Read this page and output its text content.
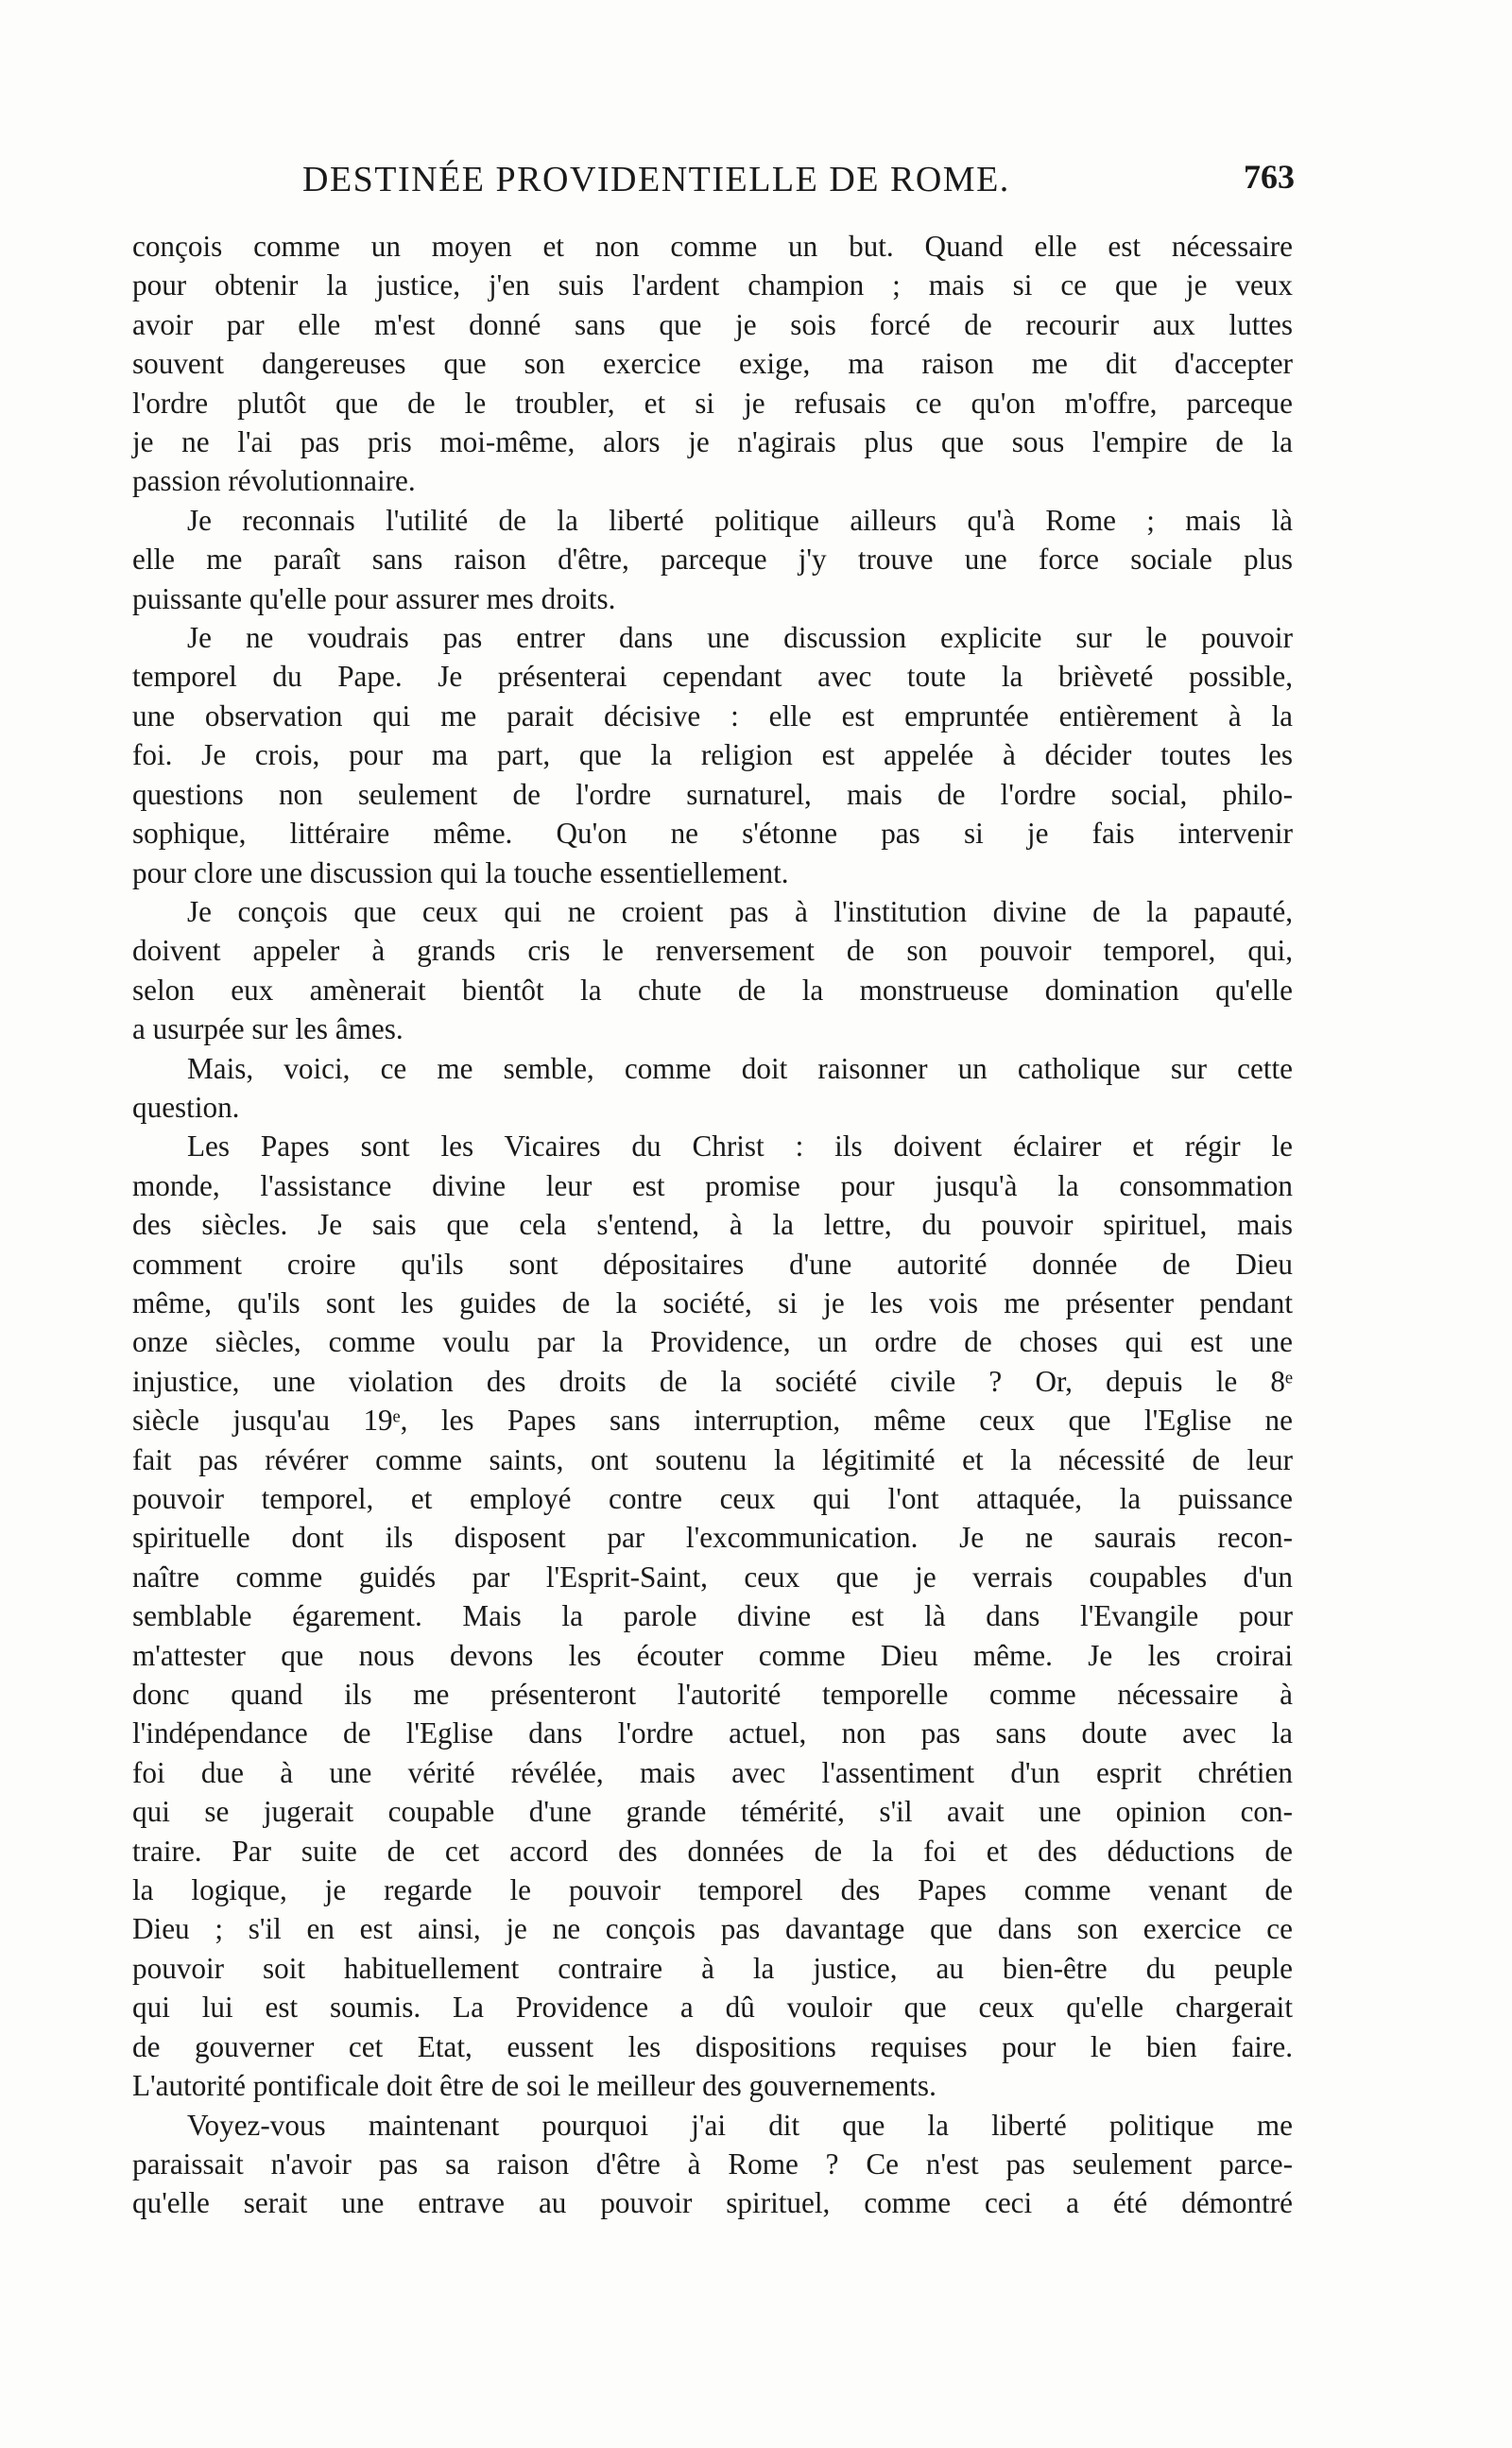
DESTINÉE PROVIDENTIELLE DE ROME.	763
conçois comme un moyen et non comme un but. Quand elle est nécessaire
pour obtenir la justice, j'en suis l'ardent champion ; mais si ce que je veux
avoir par elle m'est donné sans que je sois forcé de recourir aux luttes
souvent dangereuses que son exercice exige, ma raison me dit d'accepter
l'ordre plutôt que de le troubler, et si je refusais ce qu'on m'offre, parceque
je ne l'ai pas pris moi-même, alors je n'agirais plus que sous l'empire de la
passion révolutionnaire.
Je reconnais l'utilité de la liberté politique ailleurs qu'à Rome ; mais là
elle me paraît sans raison d'être, parceque j'y trouve une force sociale plus
puissante qu'elle pour assurer mes droits.
Je ne voudrais pas entrer dans une discussion explicite sur le pouvoir
temporel du Pape. Je présenterai cependant avec toute la brièveté possible,
une observation qui me parait décisive : elle est empruntée entièrement à la
foi. Je crois, pour ma part, que la religion est appelée à décider toutes les
questions non seulement de l'ordre surnaturel, mais de l'ordre social, philo-
sophique, littéraire même. Qu'on ne s'étonne pas si je fais intervenir
pour clore une discussion qui la touche essentiellement.
Je conçois que ceux qui ne croient pas à l'institution divine de la papauté,
doivent appeler à grands cris le renversement de son pouvoir temporel, qui,
selon eux amènerait bientôt la chute de la monstrueuse domination qu'elle
a usurpée sur les âmes.
Mais, voici, ce me semble, comme doit raisonner un catholique sur cette
question.
Les Papes sont les Vicaires du Christ : ils doivent éclairer et régir le
monde, l'assistance divine leur est promise pour jusqu'à la consommation
des siècles. Je sais que cela s'entend, à la lettre, du pouvoir spirituel, mais
comment croire qu'ils sont dépositaires d'une autorité donnée de Dieu
même, qu'ils sont les guides de la société, si je les vois me présenter pendant
onze siècles, comme voulu par la Providence, un ordre de choses qui est une
injustice, une violation des droits de la société civile ? Or, depuis le 8ᵉ
siècle jusqu'au 19ᵉ, les Papes sans interruption, même ceux que l'Eglise ne
fait pas révérer comme saints, ont soutenu la légitimité et la nécessité de leur
pouvoir temporel, et employé contre ceux qui l'ont attaquée, la puissance
spirituelle dont ils disposent par l'excommunication. Je ne saurais recon-
naître comme guidés par l'Esprit-Saint, ceux que je verrais coupables d'un
semblable égarement. Mais la parole divine est là dans l'Evangile pour
m'attester que nous devons les écouter comme Dieu même. Je les croirai
donc quand ils me présenteront l'autorité temporelle comme nécessaire à
l'indépendance de l'Eglise dans l'ordre actuel, non pas sans doute avec la
foi due à une vérité révélée, mais avec l'assentiment d'un esprit chrétien
qui se jugerait coupable d'une grande témérité, s'il avait une opinion con-
traire. Par suite de cet accord des données de la foi et des déductions de
la logique, je regarde le pouvoir temporel des Papes comme venant de
Dieu ; s'il en est ainsi, je ne conçois pas davantage que dans son exercice ce
pouvoir soit habituellement contraire à la justice, au bien-être du peuple
qui lui est soumis. La Providence a dû vouloir que ceux qu'elle chargerait
de gouverner cet Etat, eussent les dispositions requises pour le bien faire.
L'autorité pontificale doit être de soi le meilleur des gouvernements.
Voyez-vous maintenant pourquoi j'ai dit que la liberté politique me
paraissait n'avoir pas sa raison d'être à Rome ? Ce n'est pas seulement parce-
qu'elle serait une entrave au pouvoir spirituel, comme ceci a été démontré
